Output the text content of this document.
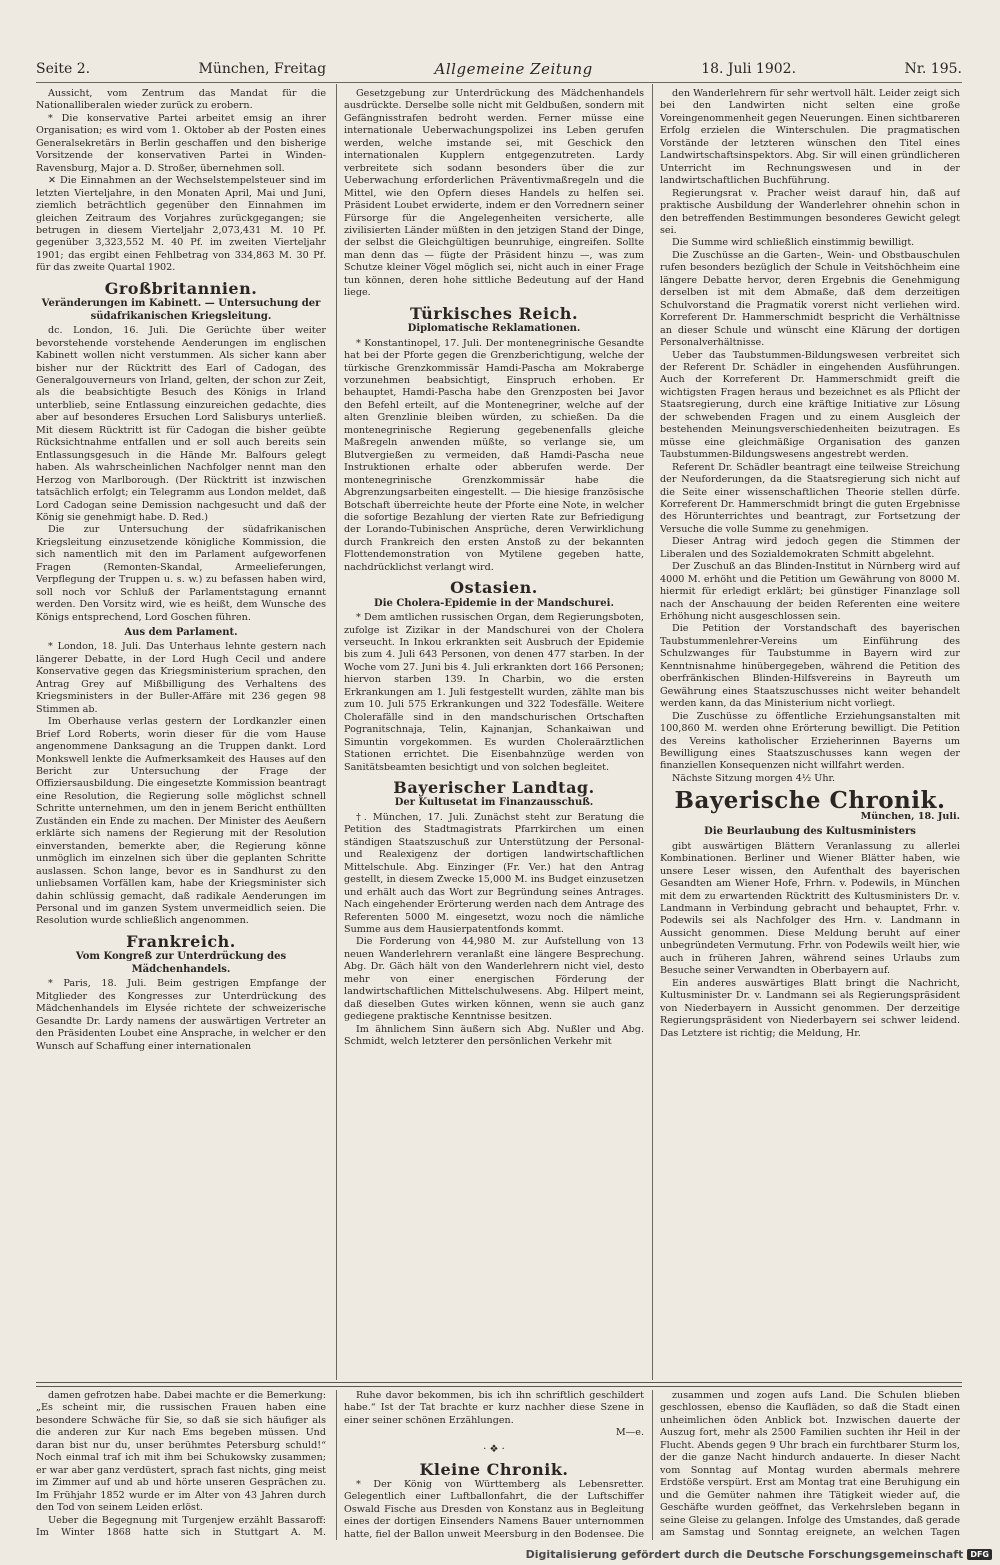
Seite 2.	München, Freitag	Allgemeine Zeitung	18. Juli 1902.	Nr. 195.

Aussicht, vom Zentrum das Mandat für die Nationalliberalen wieder zurück zu erobern.

* Die konservative Partei arbeitet emsig an ihrer Organisation; es wird vom 1. Oktober ab der Posten eines Generalsekretärs in Berlin geschaffen und den bisherige Vorsitzende der konservativen Partei in Winden-Ravensburg, Major a. D. Stroßer, übernehmen soll.

✕ Die Einnahmen an der Wechselstempelsteuer sind im letzten Vierteljahre, in den Monaten April, Mai und Juni, ziemlich beträchtlich gegenüber den Einnahmen im gleichen Zeitraum des Vorjahres zurückgegangen; sie betrugen in diesem Vierteljahr 2,073,431 M. 10 Pf. gegenüber 3,323,552 M. 40 Pf. im zweiten Vierteljahr 1901; das ergibt einen Fehlbetrag von 334,863 M. 30 Pf. für das zweite Quartal 1902.

Großbritannien.
Veränderungen im Kabinett. — Untersuchung der südafrikanischen Kriegsleitung.

dc. London, 16. Juli. Die Gerüchte über weiter bevorstehende vorstehende Aenderungen im englischen Kabinett wollen nicht verstummen. Als sicher kann aber bisher nur der Rücktritt des Earl of Cadogan, des Generalgouverneurs von Irland, gelten, der schon zur Zeit, als die beabsichtigte Besuch des Königs in Irland unterblieb, seine Entlassung einzureichen gedachte, dies aber auf besonderes Ersuchen Lord Salisburys unterließ. Mit diesem Rücktritt ist für Cadogan die bisher geübte Rücksichtnahme entfallen und er soll auch bereits sein Entlassungsgesuch in die Hände Mr. Balfours gelegt haben. Als wahrscheinlichen Nachfolger nennt man den Herzog von Marlborough. (Der Rücktritt ist inzwischen tatsächlich erfolgt; ein Telegramm aus London meldet, daß Lord Cadogan seine Demission nachgesucht und daß der König sie genehmigt habe. D. Red.)

Die zur Untersuchung der südafrikanischen Kriegsleitung einzusetzende königliche Kommission, die sich namentlich mit den im Parlament aufgeworfenen Fragen (Remonten-Skandal, Armeelieferungen, Verpflegung der Truppen u. s. w.) zu befassen haben wird, soll noch vor Schluß der Parlamentstagung ernannt werden. Den Vorsitz wird, wie es heißt, dem Wunsche des Königs entsprechend, Lord Goschen führen.

Aus dem Parlament.

* London, 18. Juli. Das Unterhaus lehnte gestern nach längerer Debatte, in der Lord Hugh Cecil und andere Konservative gegen das Kriegsministerium sprachen, den Antrag Grey auf Mißbilligung des Verhaltens des Kriegsministers in der Buller-Affäre mit 236 gegen 98 Stimmen ab.

Im Oberhause verlas gestern der Lordkanzler einen Brief Lord Roberts, worin dieser für die vom Hause angenommene Danksagung an die Truppen dankt. Lord Monkswell lenkte die Aufmerksamkeit des Hauses auf den Bericht zur Untersuchung der Frage der Offiziersausbildung. Die eingesetzte Kommission beantragt eine Resolution, die Regierung solle möglichst schnell Schritte unternehmen, um den in jenem Bericht enthüllten Zuständen ein Ende zu machen. Der Minister des Aeußern erklärte sich namens der Regierung mit der Resolution einverstanden, bemerkte aber, die Regierung könne unmöglich im einzelnen sich über die geplanten Schritte auslassen. Schon lange, bevor es in Sandhurst zu den unliebsamen Vorfällen kam, habe der Kriegsminister sich dahin schlüssig gemacht, daß radikale Aenderungen im Personal und im ganzen System unvermeidlich seien. Die Resolution wurde schließlich angenommen.

Frankreich.
Vom Kongreß zur Unterdrückung des Mädchenhandels.

* Paris, 18. Juli. Beim gestrigen Empfange der Mitglieder des Kongresses zur Unterdrückung des Mädchenhandels im Elysée richtete der schweizerische Gesandte Dr. Lardy namens der auswärtigen Vertreter an den Präsidenten Loubet eine Ansprache, in welcher er den Wunsch auf Schaffung einer internationalen

Gesetzgebung zur Unterdrückung des Mädchenhandels ausdrückte. Derselbe solle nicht mit Geldbußen, sondern mit Gefängnisstrafen bedroht werden. Ferner müsse eine internationale Ueberwachungspolizei ins Leben gerufen werden, welche imstande sei, mit Geschick den internationalen Kupplern entgegenzutreten. Lardy verbreitete sich sodann besonders über die zur Ueberwachung erforderlichen Präventivmaßregeln und die Mittel, wie den Opfern dieses Handels zu helfen sei. Präsident Loubet erwiderte, indem er den Vorrednern seiner Fürsorge für die Angelegenheiten versicherte, alle zivilisierten Länder müßten in den jetzigen Stand der Dinge, der selbst die Gleichgültigen beunruhige, eingreifen. Sollte man denn das — fügte der Präsident hinzu —, was zum Schutze kleiner Vögel möglich sei, nicht auch in einer Frage tun können, deren hohe sittliche Bedeutung auf der Hand liege.

Türkisches Reich.
Diplomatische Reklamationen.

* Konstantinopel, 17. Juli. Der montenegrinische Gesandte hat bei der Pforte gegen die Grenzberichtigung, welche der türkische Grenzkommissär Hamdi-Pascha am Mokraberge vorzunehmen beabsichtigt, Einspruch erhoben. Er behauptet, Hamdi-Pascha habe den Grenzposten bei Javor den Befehl erteilt, auf die Montenegriner, welche auf der alten Grenzlinie bleiben würden, zu schießen. Da die montenegrinische Regierung gegebenenfalls gleiche Maßregeln anwenden müßte, so verlange sie, um Blutvergießen zu vermeiden, daß Hamdi-Pascha neue Instruktionen erhalte oder abberufen werde. Der montenegrinische Grenzkommissär habe die Abgrenzungsarbeiten eingestellt. — Die hiesige französische Botschaft überreichte heute der Pforte eine Note, in welcher die sofortige Bezahlung der vierten Rate zur Befriedigung der Lorando-Tubinischen Ansprüche, deren Verwirklichung durch Frankreich den ersten Anstoß zu der bekannten Flottendemonstration von Mytilene gegeben hatte, nachdrücklichst verlangt wird.

Ostasien.
Die Cholera-Epidemie in der Mandschurei.

* Dem amtlichen russischen Organ, dem Regierungsboten, zufolge ist Zizikar in der Mandschurei von der Cholera verseucht. In Inkou erkrankten seit Ausbruch der Epidemie bis zum 4. Juli 643 Personen, von denen 477 starben. In der Woche vom 27. Juni bis 4. Juli erkrankten dort 166 Personen; hiervon starben 139. In Charbin, wo die ersten Erkrankungen am 1. Juli festgestellt wurden, zählte man bis zum 10. Juli 575 Erkrankungen und 322 Todesfälle. Weitere Cholerafälle sind in den mandschurischen Ortschaften Pogranitschnaja, Telin, Kajnanjan, Schankaiwan und Simuntin vorgekommen. Es wurden Choleraärztlichen Stationen errichtet. Die Eisenbahnzüge werden von Sanitätsbeamten besichtigt und von solchen begleitet.

Bayerischer Landtag.
Der Kultusetat im Finanzausschuß.

†. München, 17. Juli. Zunächst steht zur Beratung die Petition des Stadtmagistrats Pfarrkirchen um einen ständigen Staatszuschuß zur Unterstützung der Personal- und Realexigenz der dortigen landwirtschaftlichen Mittelschule. Abg. Einzinger (Fr. Ver.) hat den Antrag gestellt, in diesem Zwecke 15,000 M. ins Budget einzusetzen und erhält auch das Wort zur Begründung seines Antrages. Nach eingehender Erörterung werden nach dem Antrage des Referenten 5000 M. eingesetzt, wozu noch die nämliche Summe aus dem Hausierpatentfonds kommt.

Die Forderung von 44,980 M. zur Aufstellung von 13 neuen Wanderlehrern veranlaßt eine längere Besprechung. Abg. Dr. Gäch hält von den Wanderlehrern nicht viel, desto mehr von einer energischen Förderung der landwirtschaftlichen Mittelschulwesens. Abg. Hilpert meint, daß dieselben Gutes wirken können, wenn sie auch ganz gediegene praktische Kenntnisse besitzen.

Im ähnlichem Sinn äußern sich Abg. Nußler und Abg. Schmidt, welch letzterer den persönlichen Verkehr mit

den Wanderlehrern für sehr wertvoll hält. Leider zeigt sich bei den Landwirten nicht selten eine große Voreingenommenheit gegen Neuerungen. Einen sichtbareren Erfolg erzielen die Winterschulen. Die pragmatischen Vorstände der letzteren wünschen den Titel eines Landwirtschaftsinspektors. Abg. Sir will einen gründlicheren Unterricht im Rechnungswesen und in der landwirtschaftlichen Buchführung.

Regierungsrat v. Pracher weist darauf hin, daß auf praktische Ausbildung der Wanderlehrer ohnehin schon in den betreffenden Bestimmungen besonderes Gewicht gelegt sei.

Die Summe wird schließlich einstimmig bewilligt.

Die Zuschüsse an die Garten-, Wein- und Obstbauschulen rufen besonders bezüglich der Schule in Veitshöchheim eine längere Debatte hervor, deren Ergebnis die Genehmigung derselben ist mit dem Abmaße, daß dem derzeitigen Schulvorstand die Pragmatik vorerst nicht verliehen wird. Korreferent Dr. Hammerschmidt bespricht die Verhältnisse an dieser Schule und wünscht eine Klärung der dortigen Personalverhältnisse.

Ueber das Taubstummen-Bildungswesen verbreitet sich der Referent Dr. Schädler in eingehenden Ausführungen. Auch der Korreferent Dr. Hammerschmidt greift die wichtigsten Fragen heraus und bezeichnet es als Pflicht der Staatsregierung, durch eine kräftige Initiative zur Lösung der schwebenden Fragen und zu einem Ausgleich der bestehenden Meinungsverschiedenheiten beizutragen. Es müsse eine gleichmäßige Organisation des ganzen Taubstummen-Bildungswesens angestrebt werden.

Referent Dr. Schädler beantragt eine teilweise Streichung der Neuforderungen, da die Staatsregierung sich nicht auf die Seite einer wissenschaftlichen Theorie stellen dürfe. Korreferent Dr. Hammerschmidt bringt die guten Ergebnisse des Hörunterrichtes und beantragt, zur Fortsetzung der Versuche die volle Summe zu genehmigen.

Dieser Antrag wird jedoch gegen die Stimmen der Liberalen und des Sozialdemokraten Schmitt abgelehnt.

Der Zuschuß an das Blinden-Institut in Nürnberg wird auf 4000 M. erhöht und die Petition um Gewährung von 8000 M. hiermit für erledigt erklärt; bei günstiger Finanzlage soll nach der Anschauung der beiden Referenten eine weitere Erhöhung nicht ausgeschlossen sein.

Die Petition der Vorstandschaft des bayerischen Taubstummenlehrer-Vereins um Einführung des Schulzwanges für Taubstumme in Bayern wird zur Kenntnisnahme hinübergegeben, während die Petition des oberfränkischen Blinden-Hilfsvereins in Bayreuth um Gewährung eines Staatszuschusses nicht weiter behandelt werden kann, da das Ministerium nicht vorliegt.

Die Zuschüsse zu öffentliche Erziehungsanstalten mit 100,860 M. werden ohne Erörterung bewilligt. Die Petition des Vereins katholischer Erzieherinnen Bayerns um Bewilligung eines Staatszuschusses kann wegen der finanziellen Konsequenzen nicht willfahrt werden.

Nächste Sitzung morgen 4½ Uhr.

Bayerische Chronik.

München, 18. Juli.

Die Beurlaubung des Kultusministers

gibt auswärtigen Blättern Veranlassung zu allerlei Kombinationen. Berliner und Wiener Blätter haben, wie unsere Leser wissen, den Aufenthalt des bayerischen Gesandten am Wiener Hofe, Frhrn. v. Podewils, in München mit dem zu erwartenden Rücktritt des Kultusministers Dr. v. Landmann in Verbindung gebracht und behauptet, Frhr. v. Podewils sei als Nachfolger des Hrn. v. Landmann in Aussicht genommen. Diese Meldung beruht auf einer unbegründeten Vermutung. Frhr. von Podewils weilt hier, wie auch in früheren Jahren, während seines Urlaubs zum Besuche seiner Verwandten in Oberbayern auf.

Ein anderes auswärtiges Blatt bringt die Nachricht, Kultusminister Dr. v. Landmann sei als Regierungspräsident von Niederbayern in Aussicht genommen. Der derzeitige Regierungspräsident von Niederbayern sei schwer leidend. Das Letztere ist richtig; die Meldung, Hr.

damen gefrotzen habe. Dabei machte er die Bemerkung: „Es scheint mir, die russischen Frauen haben eine besondere Schwäche für Sie, so daß sie sich häufiger als die anderen zur Kur nach Ems begeben müssen. Und daran bist nur du, unser berühmtes Petersburg schuld!“ Noch einmal traf ich mit ihm bei Schukowsky zusammen; er war aber ganz verdüstert, sprach fast nichts, ging meist im Zimmer auf und ab und hörte unseren Gesprächen zu. Im Frühjahr 1852 wurde er im Alter von 43 Jahren durch den Tod von seinem Leiden erlöst.

Ueber die Begegnung mit Turgenjew erzählt Bassaroff: Im Winter 1868 hatte sich in Stuttgart A. M.

Ruhe davor bekommen, bis ich ihn schriftlich geschildert habe.“ Ist der Tat brachte er kurz nachher diese Szene in einer seiner schönen Erzählungen.

M—e.

· ❖ ·
Kleine Chronik.

* Der König von Württemberg als Lebensretter. Gelegentlich einer Luftballonfahrt, die der Luftschiffer Oswald Fische aus Dresden von Konstanz aus in Begleitung eines der dortigen Einsenders Namens Bauer unternommen hatte, fiel der Ballon unweit Meersburg in den Bodensee. Die

zusammen und zogen aufs Land. Die Schulen blieben geschlossen, ebenso die Kaufläden, so daß die Stadt einen unheimlichen öden Anblick bot. Inzwischen dauerte der Auszug fort, mehr als 2500 Familien suchten ihr Heil in der Flucht. Abends gegen 9 Uhr brach ein furchtbarer Sturm los, der die ganze Nacht hindurch andauerte. In dieser Nacht vom Sonntag auf Montag wurden abermals mehrere Erdstöße verspürt. Erst am Montag trat eine Beruhigung ein und die Gemüter nahmen ihre Tätigkeit wieder auf, die Geschäfte wurden geöffnet, das Verkehrsleben begann in seine Gleise zu gelangen. Infolge des Umstandes, daß gerade am Samstag und Sonntag ereignete, an welchen Tagen

Digitalisierung gefördert durch die Deutsche Forschungsgemeinschaft DFG
